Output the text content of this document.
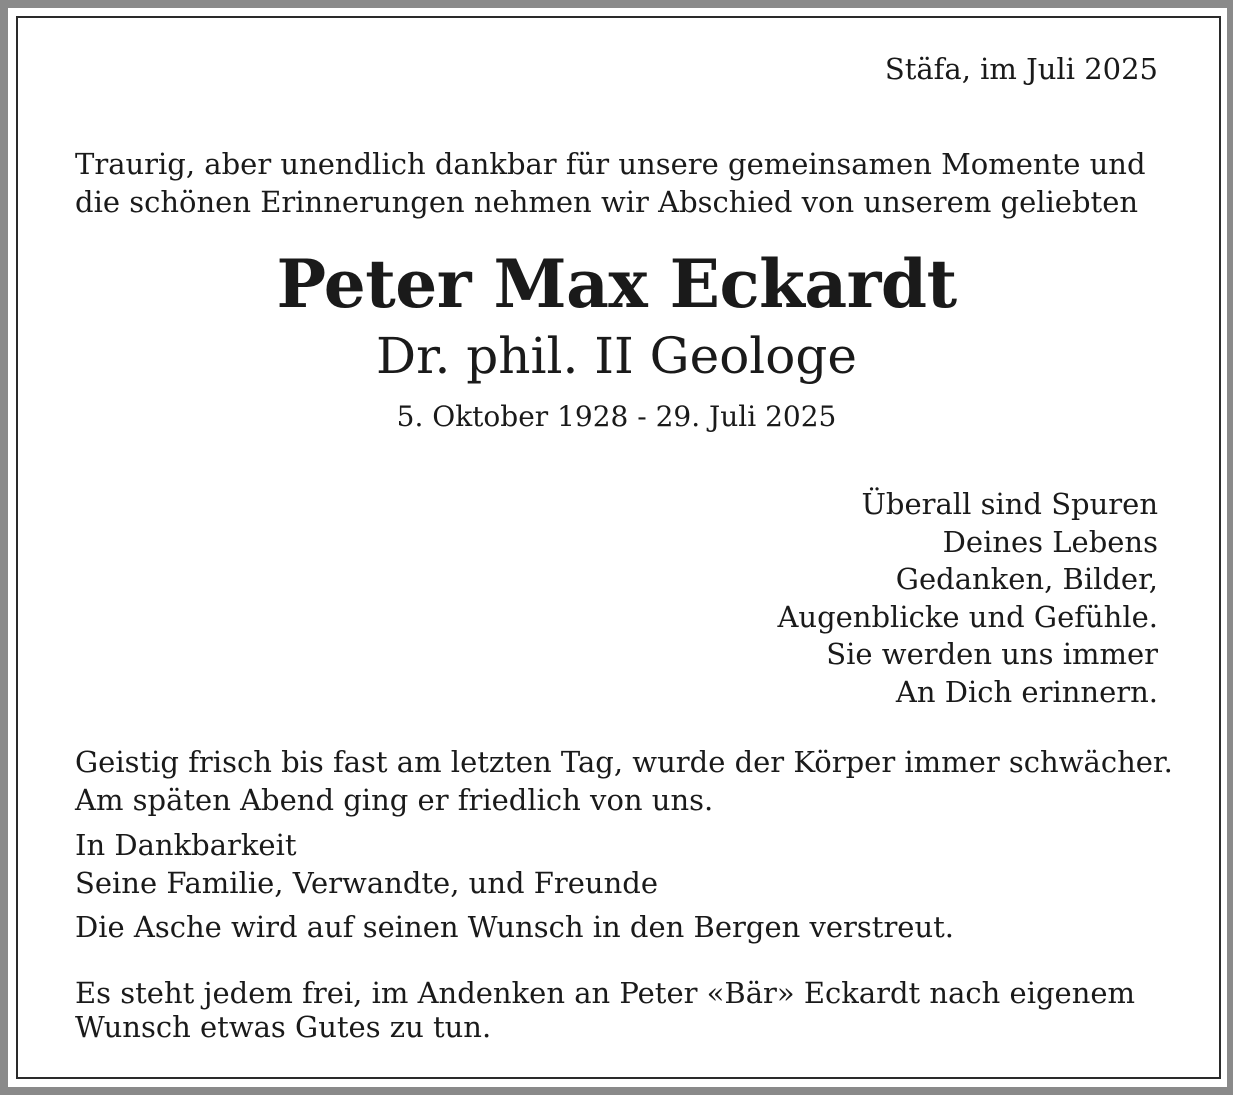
Stäfa, im Juli 2025

Traurig, aber unendlich dankbar für unsere gemeinsamen Momente und
die schönen Erinnerungen nehmen wir Abschied von unserem geliebten
Peter Max Eckardt
Dr. phil. II Geologe

5. Oktober 1928 - 29. Juli 2025

Überall sind Spuren
Deines Lebens
Gedanken, Bilder,
Augenblicke und Gefühle.
Sie werden uns immer
An Dich erinnern.
Geistig frisch bis fast am letzten Tag, wurde der Körper immer schwächer.
Am späten Abend ging er friedlich von uns.
In Dankbarkeit
Seine Familie, Verwandte, und Freunde
Die Asche wird auf seinen Wunsch in den Bergen verstreut.
Es steht jedem frei, im Andenken an Peter «Bär» Eckardt nach eigenem
Wunsch etwas Gutes zu tun.
